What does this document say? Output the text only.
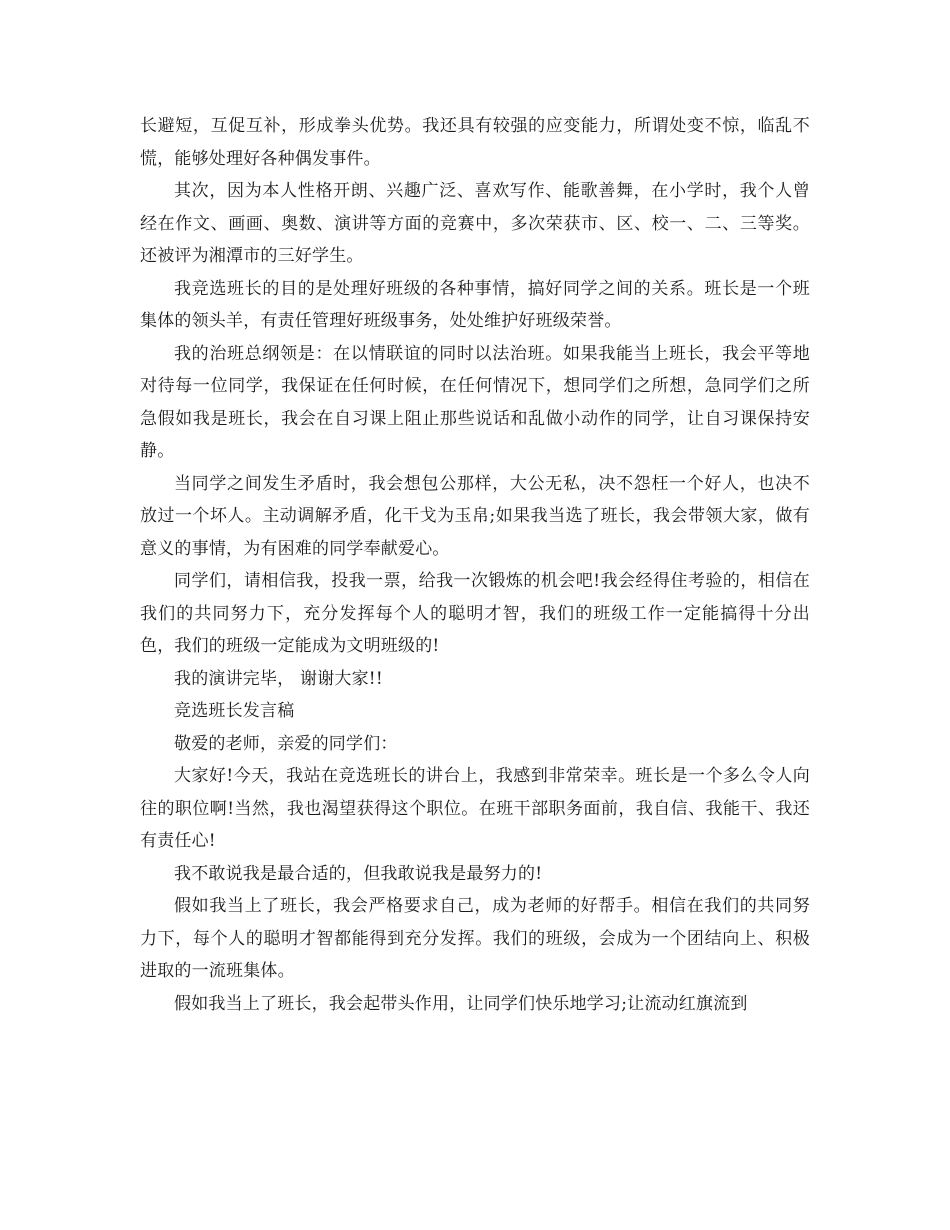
长避短，互促互补，形成拳头优势。我还具有较强的应变能力，所谓处变不惊，临乱不慌，能够处理好各种偶发事件。

其次，因为本人性格开朗、兴趣广泛、喜欢写作、能歌善舞，在小学时，我个人曾经在作文、画画、奥数、演讲等方面的竞赛中，多次荣获市、区、校一、二、三等奖。还被评为湘潭市的三好学生。

我竞选班长的目的是处理好班级的各种事情，搞好同学之间的关系。班长是一个班集体的领头羊，有责任管理好班级事务，处处维护好班级荣誉。

我的治班总纲领是：在以情联谊的同时以法治班。如果我能当上班长，我会平等地对待每一位同学，我保证在任何时候，在任何情况下，想同学们之所想，急同学们之所急假如我是班长，我会在自习课上阻止那些说话和乱做小动作的同学，让自习课保持安静。

当同学之间发生矛盾时，我会想包公那样，大公无私，决不怨枉一个好人，也决不放过一个坏人。主动调解矛盾，化干戈为玉帛;如果我当选了班长，我会带领大家，做有意义的事情，为有困难的同学奉献爱心。

同学们，请相信我，投我一票，给我一次锻炼的机会吧!我会经得住考验的，相信在我们的共同努力下，充分发挥每个人的聪明才智，我们的班级工作一定能搞得十分出色，我们的班级一定能成为文明班级的!

我的演讲完毕， 谢谢大家!!

竞选班长发言稿

敬爱的老师，亲爱的同学们：

大家好!今天，我站在竞选班长的讲台上，我感到非常荣幸。班长是一个多么令人向往的职位啊!当然，我也渴望获得这个职位。在班干部职务面前，我自信、我能干、我还有责任心!

我不敢说我是最合适的，但我敢说我是最努力的!

假如我当上了班长，我会严格要求自己，成为老师的好帮手。相信在我们的共同努力下，每个人的聪明才智都能得到充分发挥。我们的班级，会成为一个团结向上、积极进取的一流班集体。

假如我当上了班长，我会起带头作用，让同学们快乐地学习;让流动红旗流到
